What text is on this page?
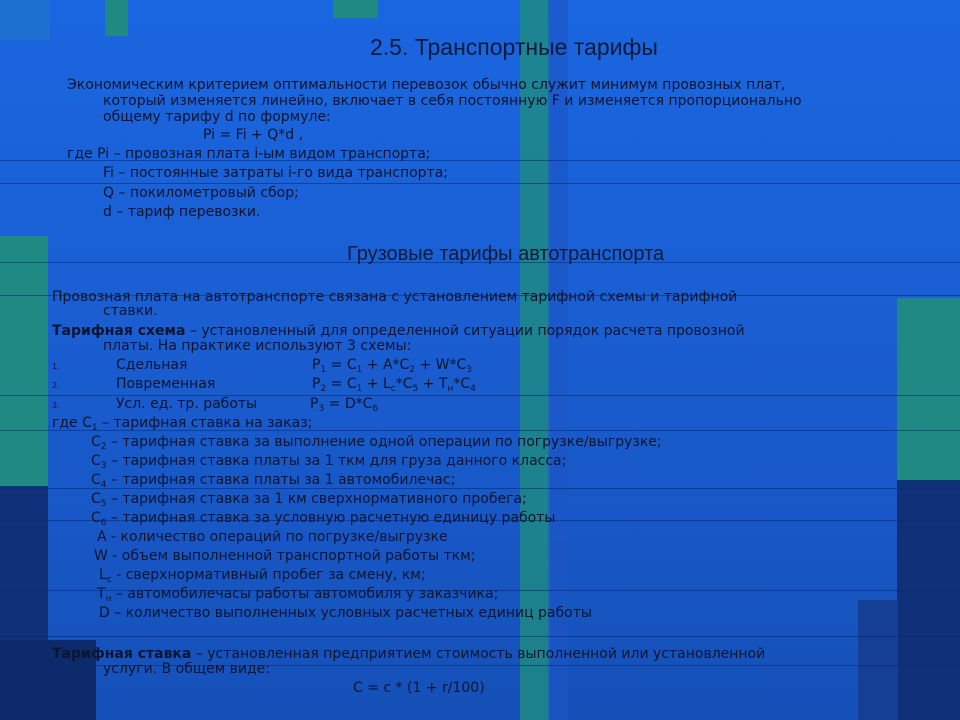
2.5. Транспортные тарифы
Экономическим критерием оптимальности перевозок обычно служит минимум провозных плат,
который изменяется линейно, включает в себя постоянную F и изменяется пропорционально
общему тарифу d по формуле:
Pi = Fi + Q*d ,
где Pi – провозная плата i-ым видом транспорта;
Fi – постоянные затраты i-го вида транспорта;
Q – покилометровый сбор;
d – тариф перевозки.
Грузовые тарифы автотранспорта
Провозная плата на автотранспорте связана с установлением тарифной схемы и тарифной
ставки.
Тарифная схема – установленный для определенной ситуации порядок расчета провозной
платы. На практике используют 3 схемы:
1.	Сдельная	$P_1 = C_1 + A*C_2 + W*C_3$
2.	Повременная	$P_2 = C_1 + L_c*C_5 + T_н*C_4$
3.	Усл. ед. тр. работы	$P_3 = D*C_6$
где $C_1$ – тарифная ставка на заказ;
$C_2$ – тарифная ставка за выполнение одной операции по погрузке/выгрузке;
$C_3$ – тарифная ставка платы за 1 ткм для груза данного класса;
$C_4$ – тарифная ставка платы за 1 автомобилечас;
$C_5$ – тарифная ставка за 1 км сверхнормативного пробега;
$C_6$ – тарифная ставка за условную расчетную единицу работы
A - количество операций по погрузке/выгрузке
W - объем выполненной транспортной работы ткм;
$L_c$ - сверхнормативный пробег за смену, км;
$T_н$ – автомобилечасы работы автомобиля у заказчика;
D – количество выполненных условных расчетных единиц работы
Тарифная ставка – установленная предприятием стоимость выполненной или установленной
услуги. В общем виде:
C = c * (1 + r/100)
